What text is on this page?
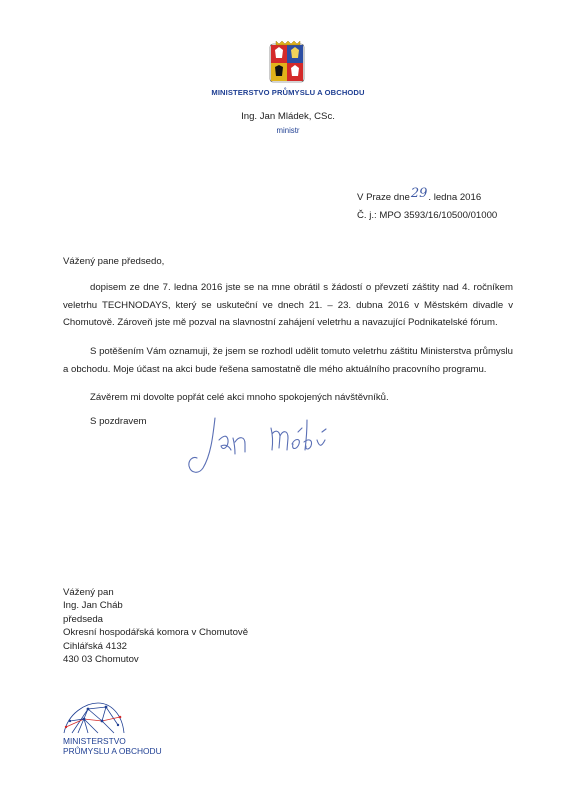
MINISTERSTVO PRŮMYSLU A OBCHODU
Ing. Jan Mládek, CSc.
ministr
V Praze dne29. ledna 2016
Č. j.: MPO 3593/16/10500/01000
Vážený pane předsedo,
dopisem ze dne 7. ledna 2016 jste se na mne obrátil s žádostí o převzetí záštity nad 4. ročníkem veletrhu TECHNODAYS, který se uskuteční ve dnech 21. – 23. dubna 2016 v Městském divadle v Chomutově. Zároveň jste mě pozval na slavnostní zahájení veletrhu a navazující Podnikatelské fórum.
S potěšením Vám oznamuji, že jsem se rozhodl udělit tomuto veletrhu záštitu Ministerstva průmyslu a obchodu. Moje účast na akci bude řešena samostatně dle mého aktuálního pracovního programu.
Závěrem mi dovolte popřát celé akci mnoho spokojených návštěvníků.
S pozdravem
Vážený pan
Ing. Jan Cháb
předseda
Okresní hospodářská komora v Chomutově
Cihlářská 4132
430 03 Chomutov
MINISTERSTVO
PRŮMYSLU A OBCHODU
